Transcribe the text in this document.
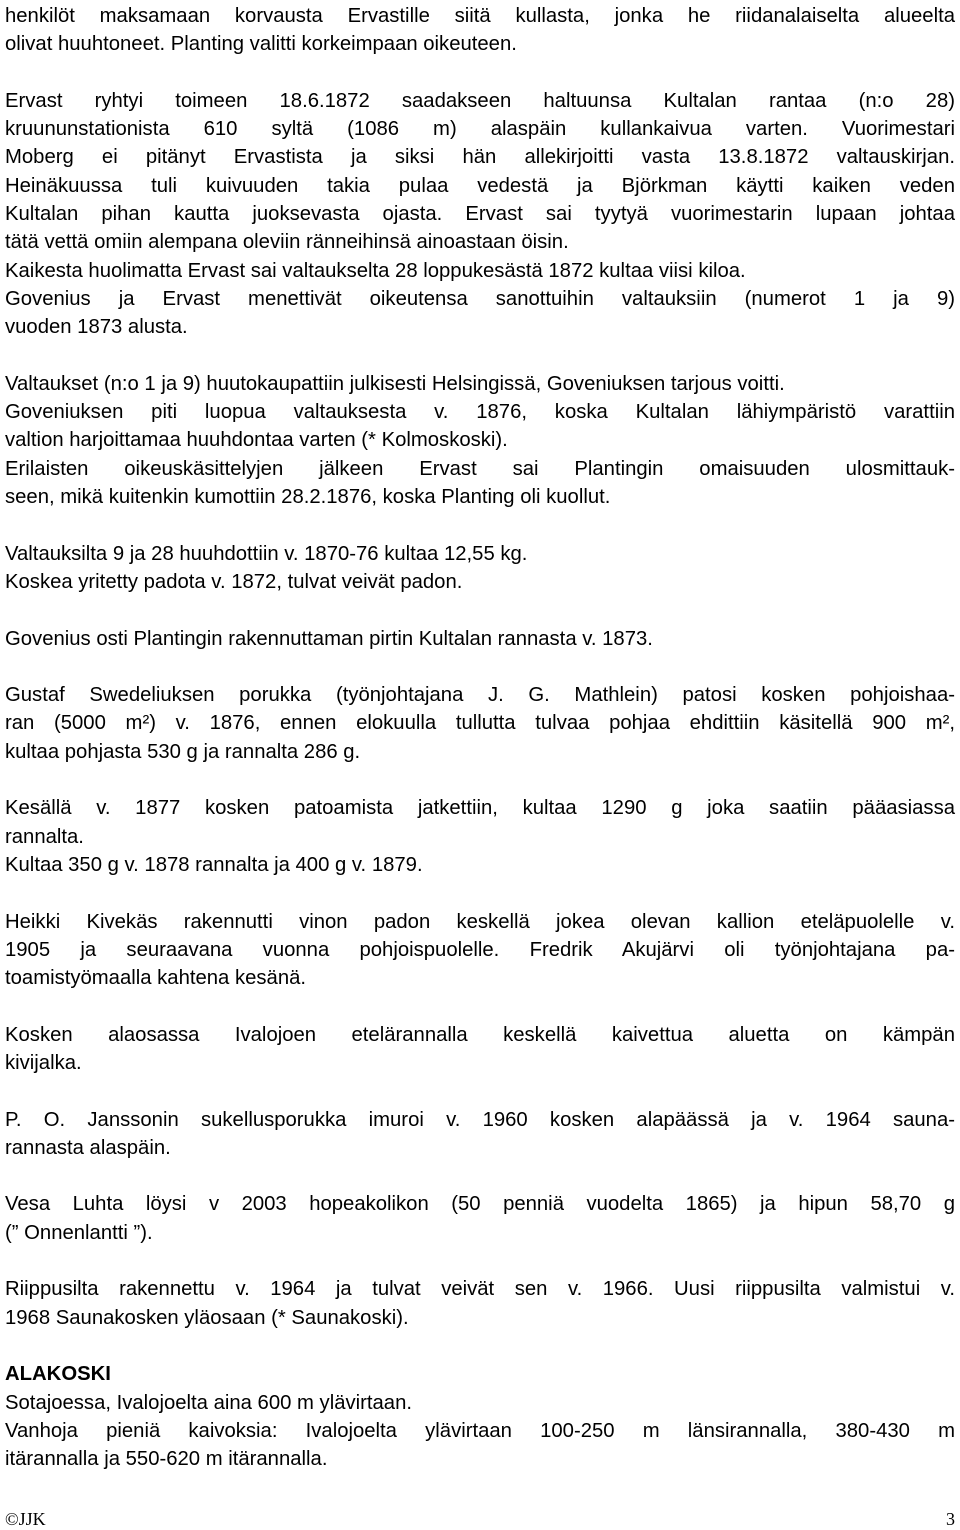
henkilöt maksamaan korvausta Ervastille siitä kullasta, jonka he riidanalaiselta alueelta
olivat huuhtoneet. Planting valitti korkeimpaan oikeuteen.
Ervast ryhtyi toimeen 18.6.1872 saadakseen haltuunsa Kultalan rantaa (n:o 28)
kruununstationista 610 syltä (1086 m) alaspäin kullankaivua varten. Vuorimestari
Moberg ei pitänyt Ervastista ja siksi hän allekirjoitti vasta 13.8.1872 valtauskirjan.
Heinäkuussa tuli kuivuuden takia pulaa vedestä ja Björkman käytti kaiken veden
Kultalan pihan kautta juoksevasta ojasta. Ervast sai tyytyä vuorimestarin lupaan johtaa
tätä vettä omiin alempana oleviin ränneihinsä ainoastaan öisin.
Kaikesta huolimatta Ervast sai valtaukselta 28 loppukesästä 1872 kultaa viisi kiloa.
Govenius ja Ervast menettivät oikeutensa sanottuihin valtauksiin (numerot 1 ja 9)
vuoden 1873 alusta.
Valtaukset (n:o 1 ja 9) huutokaupattiin julkisesti Helsingissä, Goveniuksen tarjous voitti.
Goveniuksen piti luopua valtauksesta v. 1876, koska Kultalan lähiympäristö varattiin
valtion harjoittamaa huuhdontaa varten (* Kolmoskoski).
Erilaisten oikeuskäsittelyjen jälkeen Ervast sai Plantingin omaisuuden ulosmittauk-
seen, mikä kuitenkin kumottiin 28.2.1876, koska Planting oli kuollut.
Valtauksilta 9 ja 28 huuhdottiin v. 1870-76 kultaa 12,55 kg.
Koskea yritetty padota v. 1872, tulvat veivät padon.
Govenius osti Plantingin rakennuttaman pirtin Kultalan rannasta v. 1873.
Gustaf Swedeliuksen porukka (työnjohtajana J. G. Mathlein) patosi kosken pohjoishaa-
ran (5000 m²) v. 1876, ennen elokuulla tullutta tulvaa pohjaa ehdittiin käsitellä 900 m²,
kultaa pohjasta 530 g ja rannalta 286 g.
Kesällä v. 1877 kosken patoamista jatkettiin, kultaa 1290 g joka saatiin pääasiassa
rannalta.
Kultaa 350 g v. 1878 rannalta ja 400 g v. 1879.
Heikki Kivekäs rakennutti vinon padon keskellä jokea olevan kallion eteläpuolelle v.
1905 ja seuraavana vuonna pohjoispuolelle. Fredrik Akujärvi oli työnjohtajana pa-
toamistyömaalla kahtena kesänä.
Kosken alaosassa Ivalojoen etelärannalla keskellä kaivettua aluetta on kämpän
kivijalka.
P. O. Janssonin sukellusporukka imuroi v. 1960 kosken alapäässä ja v. 1964 sauna-
rannasta alaspäin.
Vesa Luhta löysi v 2003 hopeakolikon (50 penniä vuodelta 1865) ja hipun 58,70 g
(” Onnenlantti ”).
Riippusilta rakennettu v. 1964 ja tulvat veivät sen v. 1966. Uusi riippusilta valmistui v.
1968 Saunakosken yläosaan (* Saunakoski).
ALAKOSKI
Sotajoessa, Ivalojoelta aina 600 m ylävirtaan.
Vanhoja pieniä kaivoksia: Ivalojoelta ylävirtaan 100-250 m länsirannalla, 380-430 m
itärannalla ja 550-620 m itärannalla.
©JJK	3
